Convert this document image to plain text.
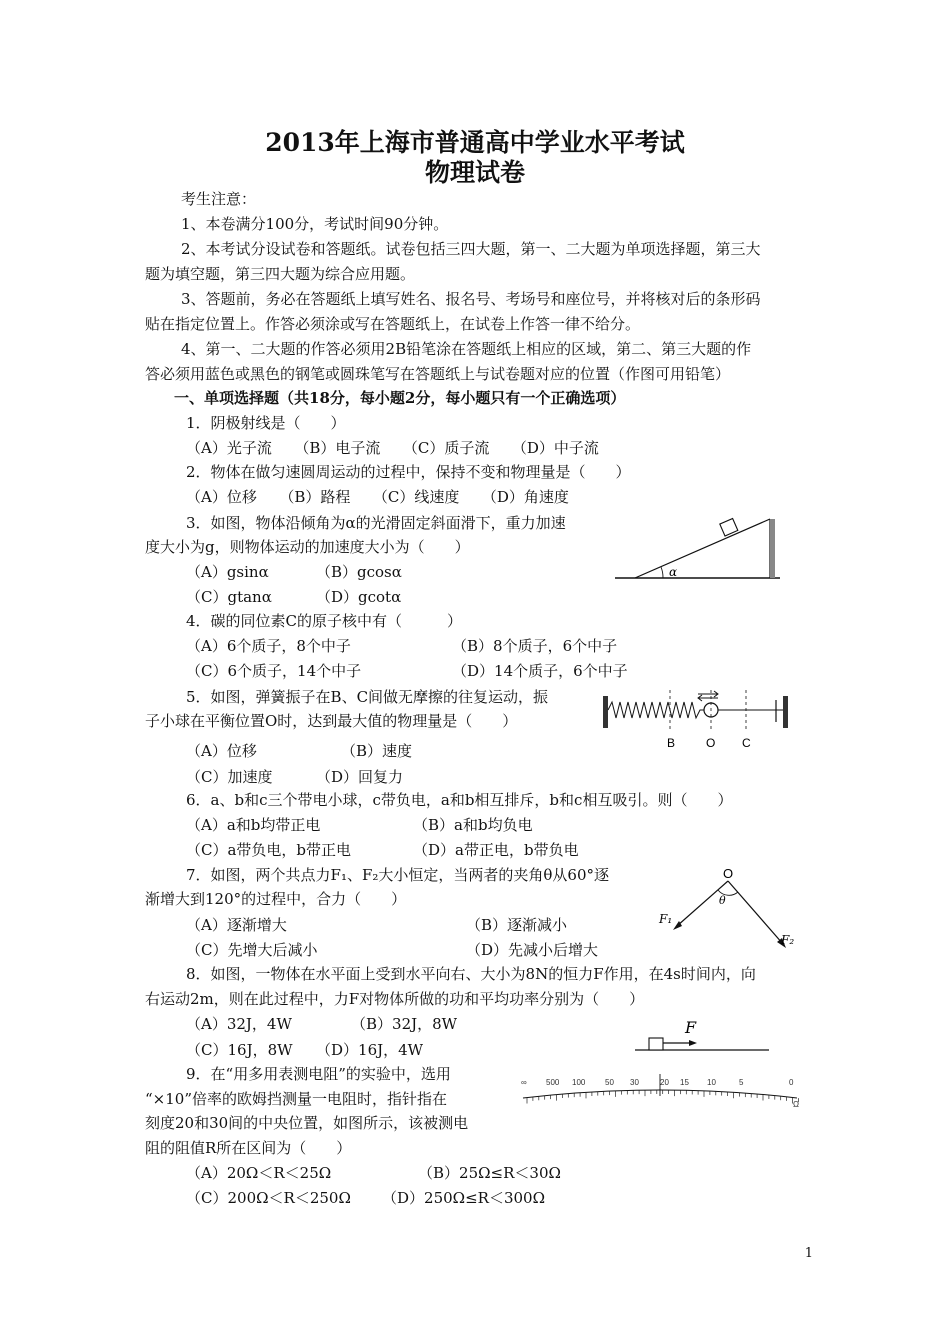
2013年上海市普通高中学业水平考试
物理试卷
考生注意：
1、本卷满分100分，考试时间90分钟。
2、本考试分设试卷和答题纸。试卷包括三四大题，第一、二大题为单项选择题，第三大
题为填空题，第三四大题为综合应用题。
3、答题前，务必在答题纸上填写姓名、报名号、考场号和座位号，并将核对后的条形码
贴在指定位置上。作答必须涂或写在答题纸上，在试卷上作答一律不给分。
4、第一、二大题的作答必须用2B铅笔涂在答题纸上相应的区域，第二、第三大题的作
答必须用蓝色或黑色的钢笔或圆珠笔写在答题纸上与试卷题对应的位置（作图可用铅笔）
一、单项选择题（共18分，每小题2分，每小题只有一个正确选项）
1．阴极射线是（　　）
（A）光子流　　（B）电子流　　（C）质子流　　（D）中子流
2．物体在做匀速圆周运动的过程中，保持不变和物理量是（　　）
（A）位移　　（B）路程　　（C）线速度　　（D）角速度
3．如图，物体沿倾角为α的光滑固定斜面滑下，重力加速
度大小为g，则物体运动的加速度大小为（　　）
（A）gsinα	（B）gcosα
（C）gtanα	（D）gcotα
α
4．碳的同位素C的原子核中有（　　　）
（A）6个质子，8个中子	（B）8个质子，6个中子
（C）6个质子，14个中子	（D）14个质子，6个中子
5．如图，弹簧振子在B、C间做无摩擦的往复运动，振
子小球在平衡位置O时，达到最大值的物理量是（　　）
（A）位移	（B）速度
（C）加速度	（D）回复力
B	O C
6．a、b和c三个带电小球，c带负电，a和b相互排斥，b和c相互吸引。则（　　）
（A）a和b均带正电	（B）a和b均负电
（C）a带负电，b带正电	（D）a带正电，b带负电
7．如图，两个共点力F₁、F₂大小恒定，当两者的夹角θ从60°逐
渐增大到120°的过程中，合力（　　）
（A）逐渐增大	（B）逐渐减小
（C）先增大后减小	（D）先减小后增大
O
θ
F₁
F₂
8．如图，一物体在水平面上受到水平向右、大小为8N的恒力F作用，在4s时间内，向
右运动2m，则在此过程中，力F对物体所做的功和平均功率分别为（　　）
（A）32J，4W	（B）32J，8W
（C）16J，8W （D）16J，4W
F
9．在“用多用表测电阻”的实验中，选用
“×10”倍率的欧姆挡测量一电阻时，指针指在
刻度20和30间的中央位置，如图所示，该被测电
阻的阻值R所在区间为（　　）
（A）20Ω＜R＜25Ω	（B）25Ω≤R＜30Ω
（C）200Ω＜R＜250Ω （D）250Ω≤R＜300Ω
∞ 500 100 50 30	20 15 10	5	0
Ω
1
